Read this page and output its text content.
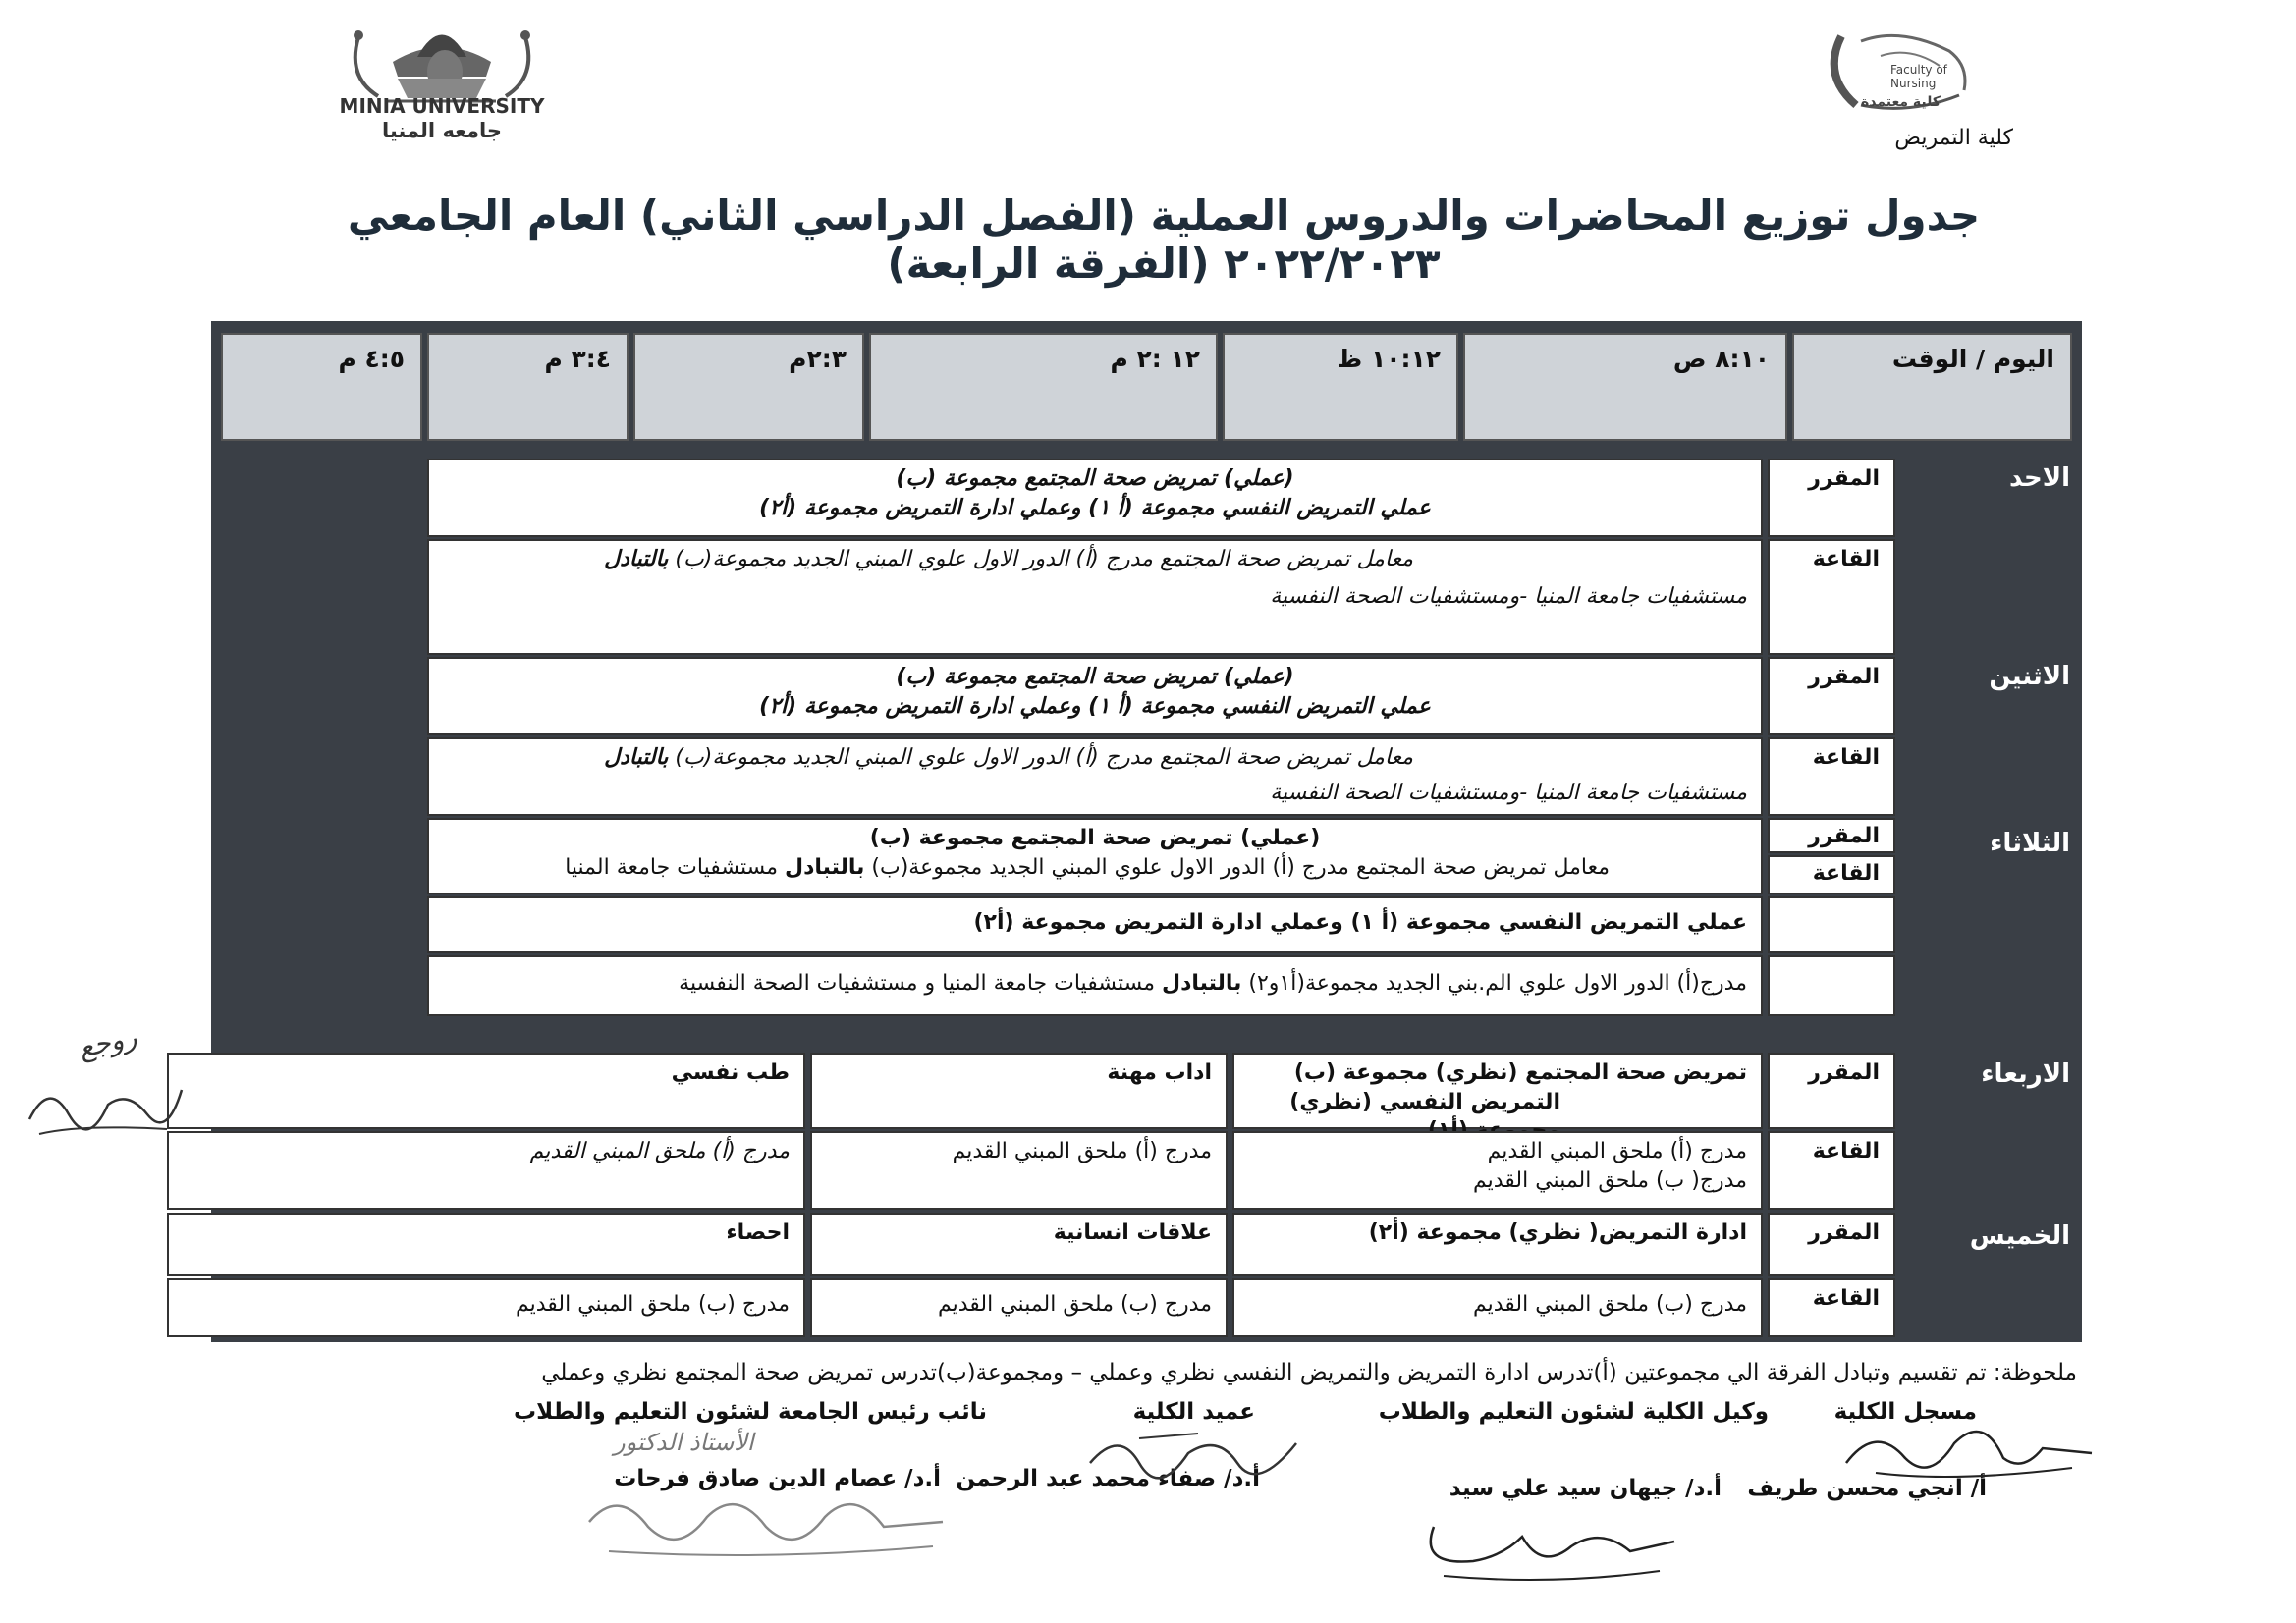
MINIA UNIVERSITY
جامعه المنيا
Faculty of Nursing
كلية معتمدة
كلية التمريض
جدول توزيع المحاضرات والدروس العملية (الفصل الدراسي الثاني) العام الجامعي ٢٠٢٢/٢٠٢٣ (الفرقة الرابعة)
اليوم / الوقت
٨:١٠ ص
١٠:١٢ ظ
١٢ :٢ م
٢:٣م
٣:٤ م
٤:٥ م
الاحد
الاثنين
الثلاثاء
الاربعاء
الخميس
المقرر
(عملي) تمريض صحة المجتمع مجموعة (ب)
عملي التمريض النفسي مجموعة (أ ١) وعملي ادارة التمريض مجموعة (أ٢)
القاعة
معامل تمريض صحة المجتمع مدرج (أ) الدور الاول علوي المبني الجديد مجموعة(ب) بالتبادل
مستشفيات جامعة المنيا -ومستشفيات الصحة النفسية
المقرر
(عملي) تمريض صحة المجتمع مجموعة (ب)
عملي التمريض النفسي مجموعة (أ ١) وعملي ادارة التمريض مجموعة (أ٢)
القاعة
معامل تمريض صحة المجتمع مدرج (أ) الدور الاول علوي المبني الجديد مجموعة(ب) بالتبادل
مستشفيات جامعة المنيا -ومستشفيات الصحة النفسية
المقرر
القاعة
(عملي) تمريض صحة المجتمع مجموعة (ب)
معامل تمريض صحة المجتمع مدرج (أ) الدور الاول علوي المبني الجديد مجموعة(ب) بالتبادل مستشفيات جامعة المنيا
عملي التمريض النفسي مجموعة (أ ١) وعملي ادارة التمريض مجموعة (أ٢)
مدرج(أ) الدور الاول علوي الم.بني الجديد مجموعة(أ١و٢) بالتبادل مستشفيات جامعة المنيا و مستشفيات الصحة النفسية
المقرر
تمريض صحة المجتمع (نظري) مجموعة (ب)
التمريض النفسي (نظري)
اداب مهنة
طب نفسي
القاعة
مدرج (أ) ملحق المبني القديم
مدرج( ب) ملحق المبني القديم
مدرج (أ) ملحق المبني القديم
مدرج (أ) ملحق المبني القديم
المقرر
ادارة التمريض( نظري) مجموعة (أ٢)
علاقات انسانية
احصاء
القاعة
مدرج (ب) ملحق المبني القديم
مدرج (ب) ملحق المبني القديم
مدرج (ب) ملحق المبني القديم
روجع
ملحوظة: تم تقسيم وتبادل الفرقة الي مجموعتين (أ)تدرس ادارة التمريض والتمريض النفسي نظري وعملي – ومجموعة(ب)تدرس تمريض صحة المجتمع نظري وعملي
مسجل الكلية
وكيل الكلية لشئون التعليم والطلاب
عميد الكلية
نائب رئيس الجامعة لشئون التعليم والطلاب
أ/ انجي محسن طريف
أ.د/ جيهان سيد علي سيد
أ.د/ صفاء محمد عبد الرحمن
أ.د/ عصام الدين صادق فرحات
الأستاذ الدكتور
